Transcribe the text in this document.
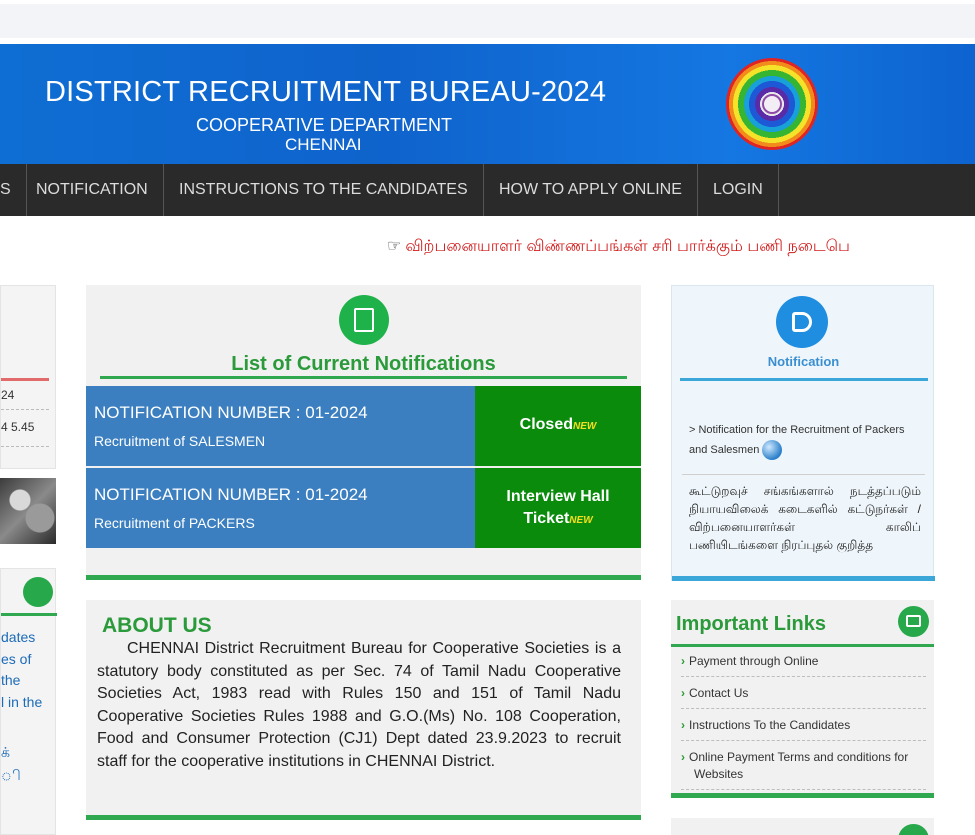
DISTRICT RECRUITMENT BUREAU-2024
COOPERATIVE DEPARTMENT
CHENNAI
S	NOTIFICATION	INSTRUCTIONS TO THE CANDIDATES	HOW TO APPLY ONLINE	LOGIN
☞ விற்பனையாளர் விண்ணப்பங்கள் சரி பார்க்கும் பணி நடைபெ
24
4 5.45
dates
es of
the
l in the
க்
ி
List of Current Notifications
NOTIFICATION NUMBER : 01-2024
Recruitment of SALESMEN
ClosedNEW
NOTIFICATION NUMBER : 01-2024
Recruitment of PACKERS
Interview Hall
TicketNEW
ABOUT US

CHENNAI District Recruitment Bureau for Cooperative Societies is a statutory body constituted as per Sec. 74 of Tamil Nadu Cooperative Societies Act, 1983 read with Rules 150 and 151 of Tamil Nadu Cooperative Societies Rules 1988 and G.O.(Ms) No. 108 Cooperation, Food and Consumer Protection (CJ1) Dept dated 23.9.2023 to recruit staff for the cooperative institutions in CHENNAI District.

Notification
> Notification for the Recruitment of Packers and Salesmen
கூட்டுறவுச் சங்கங்களால் நடத்தப்படும் நியாயவிலைக் கடைகளில் கட்டுநர்கள் / விற்பனையாளர்கள் காலிப் பணியிடங்களை நிரப்புதல் குறித்த
Important Links
› Payment through Online
› Contact Us
› Instructions To the Candidates
› Online Payment Terms and conditions for Websites
